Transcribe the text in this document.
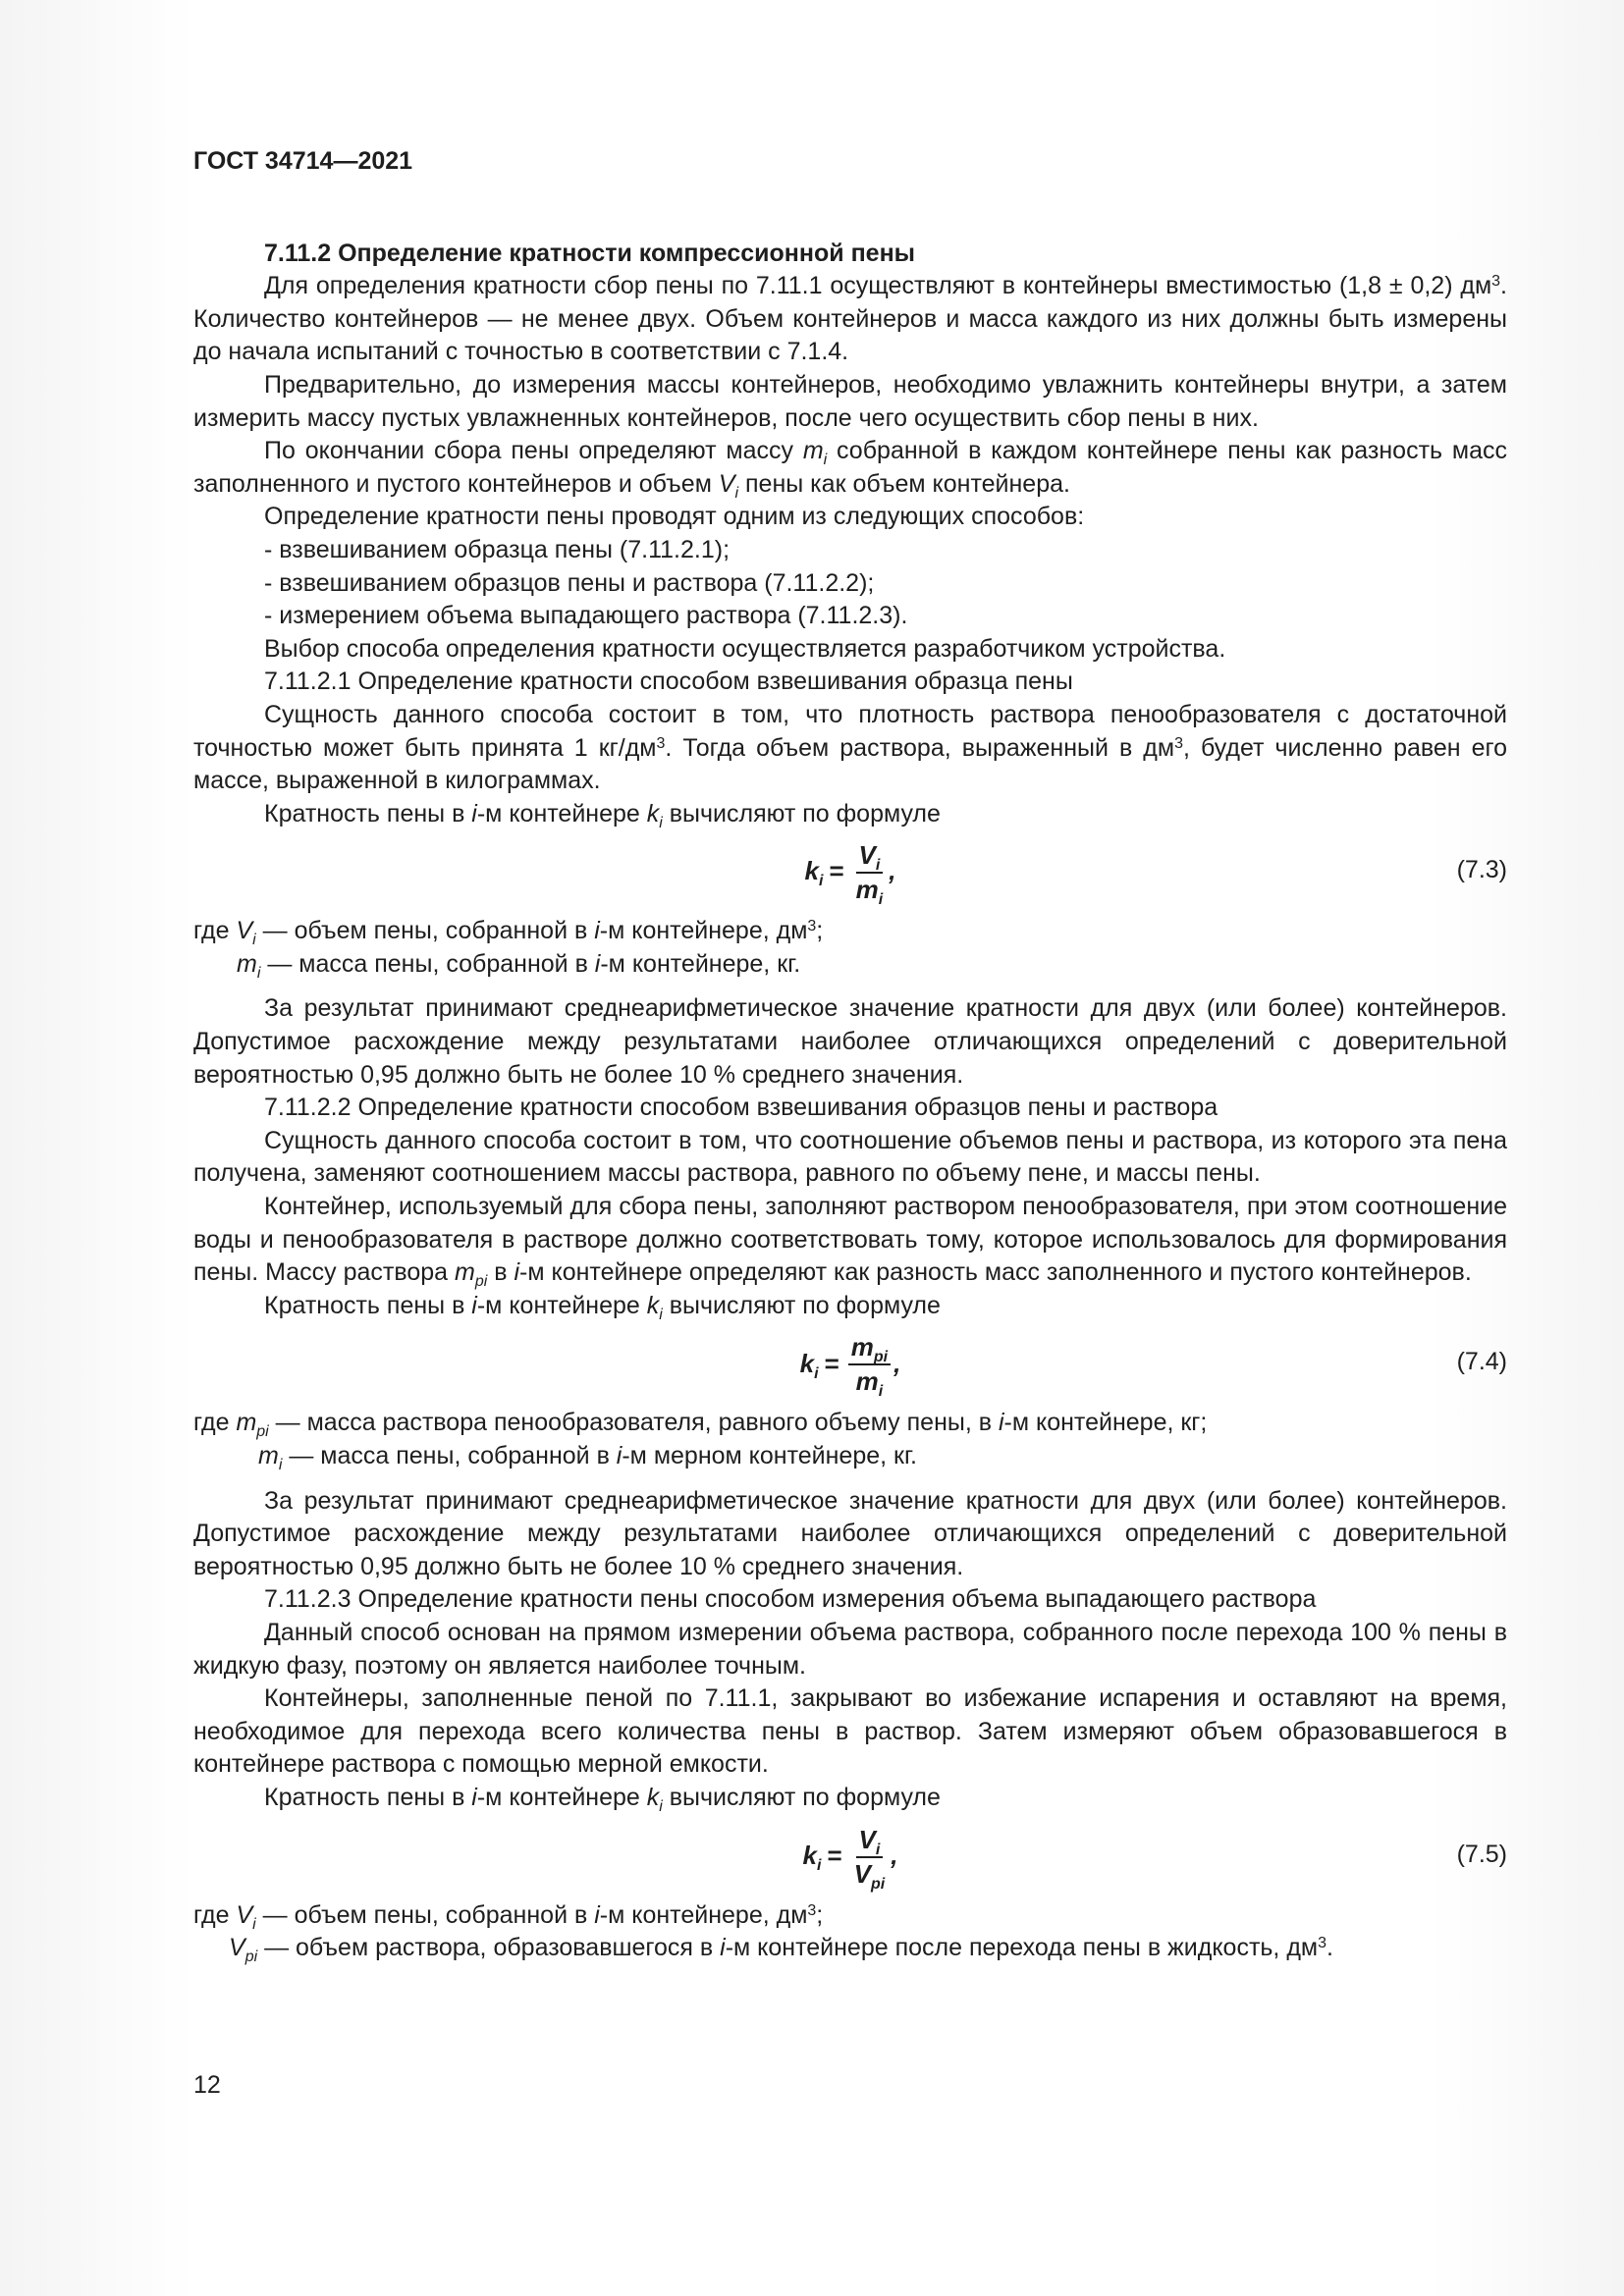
ГОСТ 34714—2021

7.11.2 Определение кратности компрессионной пены

Для определения кратности сбор пены по 7.11.1 осуществляют в контейнеры вместимостью (1,8 ± 0,2) $дм^3$. Количество контейнеров — не менее двух. Объем контейнеров и масса каждого из них должны быть измерены до начала испытаний с точностью в соответствии с 7.1.4.

Предварительно, до измерения массы контейнеров, необходимо увлажнить контейнеры внутри, а затем измерить массу пустых увлажненных контейнеров, после чего осуществить сбор пены в них.

По окончании сбора пены определяют массу $m_i$ собранной в каждом контейнере пены как разность масс заполненного и пустого контейнеров и объем $V_i$ пены как объем контейнера.

Определение кратности пены проводят одним из следующих способов:

- взвешиванием образца пены (7.11.2.1);

- взвешиванием образцов пены и раствора (7.11.2.2);

- измерением объема выпадающего раствора (7.11.2.3).

Выбор способа определения кратности осуществляется разработчиком устройства.

7.11.2.1 Определение кратности способом взвешивания образца пены

Сущность данного способа состоит в том, что плотность раствора пенообразователя с достаточной точностью может быть принята 1 $кг/дм^3$. Тогда объем раствора, выраженный в $дм^3$, будет численно равен его массе, выраженной в килограммах.

Кратность пены в i-м контейнере $k_i$ вычисляют по формуле

$k_i = \frac{V_i}{m_i}$ ,	(7.3)
где $V_i$ — объем пены, собранной в i-м контейнере, $дм^3$;
$m_i$ — масса пены, собранной в i-м контейнере, кг.

За результат принимают среднеарифметическое значение кратности для двух (или более) контейнеров. Допустимое расхождение между результатами наиболее отличающихся определений с доверительной вероятностью 0,95 должно быть не более 10 % среднего значения.

7.11.2.2 Определение кратности способом взвешивания образцов пены и раствора

Сущность данного способа состоит в том, что соотношение объемов пены и раствора, из которого эта пена получена, заменяют соотношением массы раствора, равного по объему пене, и массы пены.

Контейнер, используемый для сбора пены, заполняют раствором пенообразователя, при этом соотношение воды и пенообразователя в растворе должно соответствовать тому, которое использовалось для формирования пены. Массу раствора $m_{pi}$ в i-м контейнере определяют как разность масс заполненного и пустого контейнеров.

Кратность пены в i-м контейнере $k_i$ вычисляют по формуле

$k_i = \frac{m_{pi}}{m_i}$ ,	(7.4)
где $m_{pi}$ — масса раствора пенообразователя, равного объему пены, в i-м контейнере, кг;
$m_i$ — масса пены, собранной в i-м мерном контейнере, кг.

За результат принимают среднеарифметическое значение кратности для двух (или более) контейнеров. Допустимое расхождение между результатами наиболее отличающихся определений с доверительной вероятностью 0,95 должно быть не более 10 % среднего значения.

7.11.2.3 Определение кратности пены способом измерения объема выпадающего раствора

Данный способ основан на прямом измерении объема раствора, собранного после перехода 100 % пены в жидкую фазу, поэтому он является наиболее точным.

Контейнеры, заполненные пеной по 7.11.1, закрывают во избежание испарения и оставляют на время, необходимое для перехода всего количества пены в раствор. Затем измеряют объем образовавшегося в контейнере раствора с помощью мерной емкости.

Кратность пены в i-м контейнере $k_i$ вычисляют по формуле

$k_i = \frac{V_i}{V_{pi}}$ ,	(7.5)
где $V_i$ — объем пены, собранной в i-м контейнере, $дм^3$;
$V_{pi}$ — объем раствора, образовавшегося в i-м контейнере после перехода пены в жидкость, $дм^3$.
12
